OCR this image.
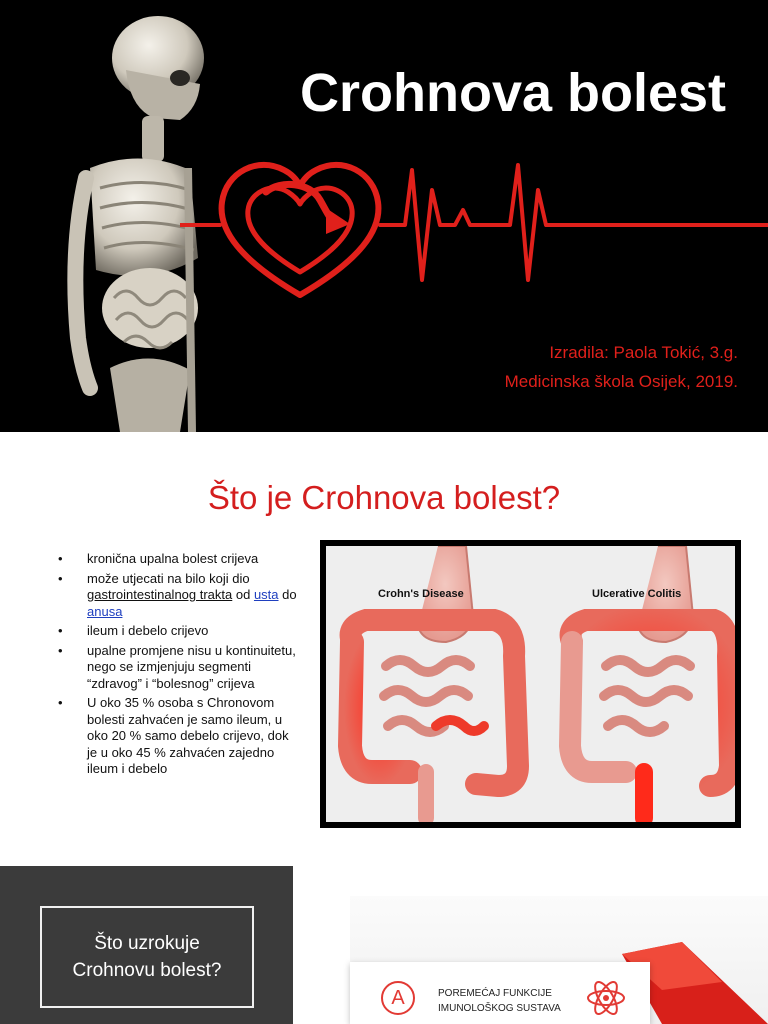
Crohnova bolest
Izradila: Paola Tokić, 3.g.
Medicinska škola Osijek, 2019.
Što je Crohnova bolest?
• kronična upalna bolest crijeva
• može utjecati na bilo koji dio gastrointestinalnog trakta od usta do anusa
• ileum i debelo crijevo
• upalne promjene nisu u kontinuitetu, nego se izmjenjuju segmenti “zdravog” i “bolesnog” crijeva
• U oko 35 % osoba s Chronovom bolesti zahvaćen je samo ileum, u oko 20 % samo debelo crijevo, dok je u oko 45 % zahvaćen zajedno ileum i debelo
Crohn's Disease	Ulcerative Colitis
Što uzrokuje
Crohnovu bolest?
A	POREMEĆAJ FUNKCIJE
IMUNOLOŠKOG SUSTAVA
